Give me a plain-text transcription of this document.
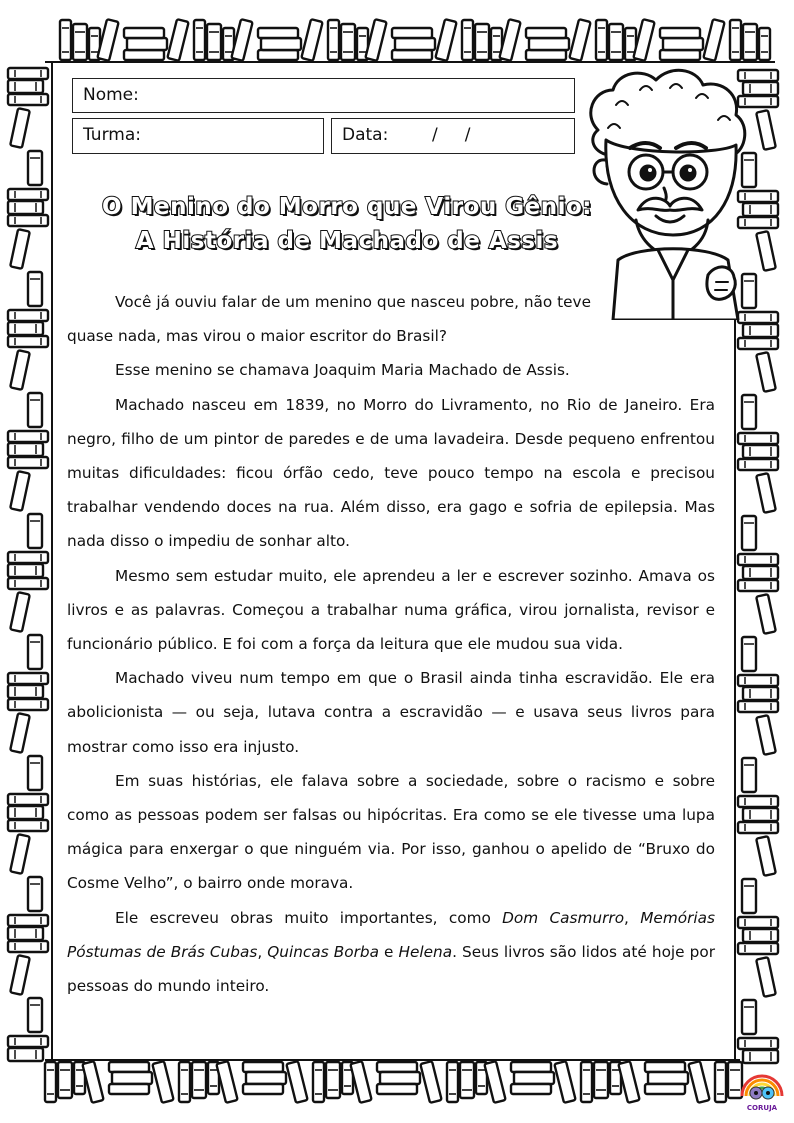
Nome:
Turma:	Data:	/     /
O Menino do Morro que Virou Gênio:
A História de Machado de Assis

Você já ouviu falar de um menino que nasceu pobre, não teve

quase nada, mas virou o maior escritor do Brasil?

Esse menino se chamava Joaquim Maria Machado de Assis.

Machado nasceu em 1839, no Morro do Livramento, no Rio de Janeiro. Era negro, filho de um pintor de paredes e de uma lavadeira. Desde pequeno enfrentou muitas dificuldades: ficou órfão cedo, teve pouco tempo na escola e precisou trabalhar vendendo doces na rua. Além disso, era gago e sofria de epilepsia. Mas nada disso o impediu de sonhar alto.

Mesmo sem estudar muito, ele aprendeu a ler e escrever sozinho. Amava os livros e as palavras. Começou a trabalhar numa gráfica, virou jornalista, revisor e funcionário público. E foi com a força da leitura que ele mudou sua vida.

Machado viveu num tempo em que o Brasil ainda tinha escravidão. Ele era abolicionista — ou seja, lutava contra a escravidão — e usava seus livros para mostrar como isso era injusto.

Em suas histórias, ele falava sobre a sociedade, sobre o racismo e sobre como as pessoas podem ser falsas ou hipócritas. Era como se ele tivesse uma lupa mágica para enxergar o que ninguém via. Por isso, ganhou o apelido de “Bruxo do Cosme Velho”, o bairro onde morava.

Ele escreveu obras muito importantes, como Dom Casmurro, Memórias Póstumas de Brás Cubas, Quincas Borba e Helena. Seus livros são lidos até hoje por pessoas do mundo inteiro.

CORUJA
